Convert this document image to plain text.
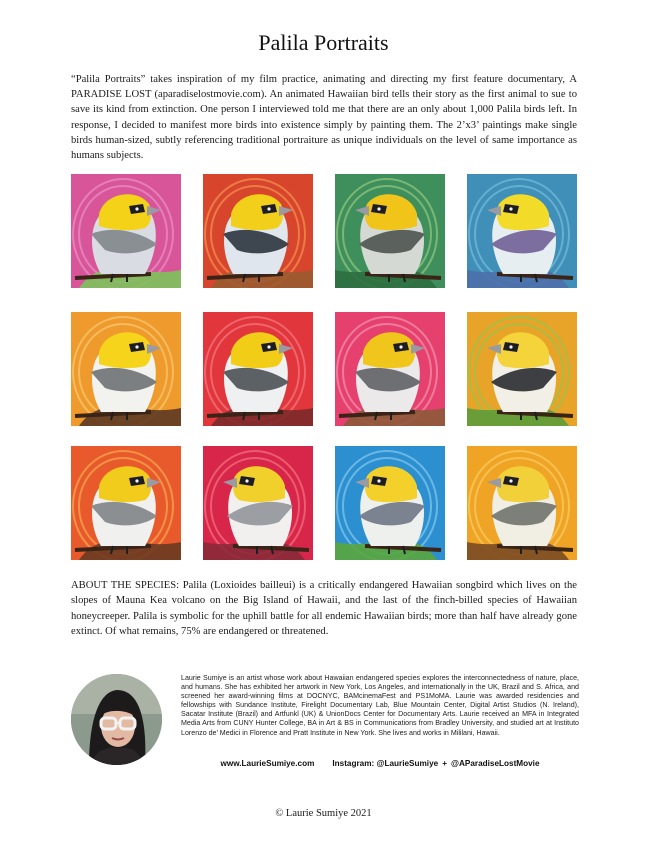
Palila Portraits

“Palila Portraits” takes inspiration of my film practice, animating and directing my first feature documentary, A PARADISE LOST (aparadiselostmovie.com). An animated Hawaiian bird tells their story as the first animal to sue to save its kind from extinction. One person I interviewed told me that there are an only about 1,000 Palila birds left. In response, I decided to manifest more birds into existence simply by painting them. The 2’x3’ paintings make single birds human-sized, subtly referencing traditional portraiture as unique individuals on the level of same importance as humans subjects.

ABOUT THE SPECIES: Palila (Loxioides bailleui) is a critically endangered Hawaiian songbird which lives on the slopes of Mauna Kea volcano on the Big Island of Hawaii, and the last of the finch-billed species of Hawaiian honeycreeper. Palila is symbolic for the uphill battle for all endemic Hawaiian birds; more than half have already gone extinct. Of what remains, 75% are endangered or threatened.

Laurie Sumiye is an artist whose work about Hawaiian endangered species explores the interconnectedness of nature, place, and humans. She has exhibited her artwork in New York, Los Angeles, and internationally in the UK, Brazil and S. Africa, and screened her award-winning films at DOCNYC, BAMcinemaFest and PS1MoMA. Laurie was awarded residencies and fellowships with Sundance Institute, Firelight Documentary Lab, Blue Mountain Center, Digital Artist Studios (N. Ireland), Sacatar Institute (Brazil) and Artfunkl (UK) & UnionDocs Center for Documentary Arts. Laurie received an MFA in Integrated Media Arts from CUNY Hunter College, BA in Art & BS in Communications from Bradley University, and studied art at Instituto Lorenzo de’ Medici in Florence and Pratt Institute in New York. She lives and works in Mililani, Hawaii.

www.LaurieSumiye.com Instagram: @LaurieSumiye + @AParadiseLostMovie
© Laurie Sumiye 2021
